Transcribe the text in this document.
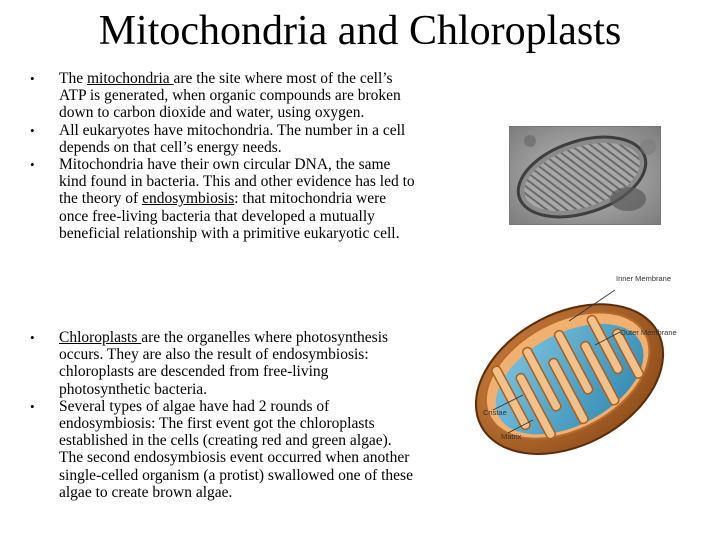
Mitochondria and Chloroplasts
• The mitochondria are the site where most of the cell’s ATP is generated, when organic compounds are broken down to carbon dioxide and water, using oxygen.
• All eukaryotes have mitochondria. The number in a cell depends on that cell’s energy needs.
• Mitochondria have their own circular DNA, the same kind found in bacteria. This and other evidence has led to the theory of endosymbiosis: that mitochondria were once free-living bacteria that developed a mutually beneficial relationship with a primitive eukaryotic cell.
• Chloroplasts are the organelles where photosynthesis occurs. They are also the result of endosymbiosis: chloroplasts are descended from free-living photosynthetic bacteria.
• Several types of algae have had 2 rounds of endosymbiosis: The first event got the chloroplasts established in the cells (creating red and green algae). The second endosymbiosis event occurred when another single-celled organism (a protist) swallowed one of these algae to create brown algae.
Inner Membrane
Outer Membrane
Cristae
Matrix
